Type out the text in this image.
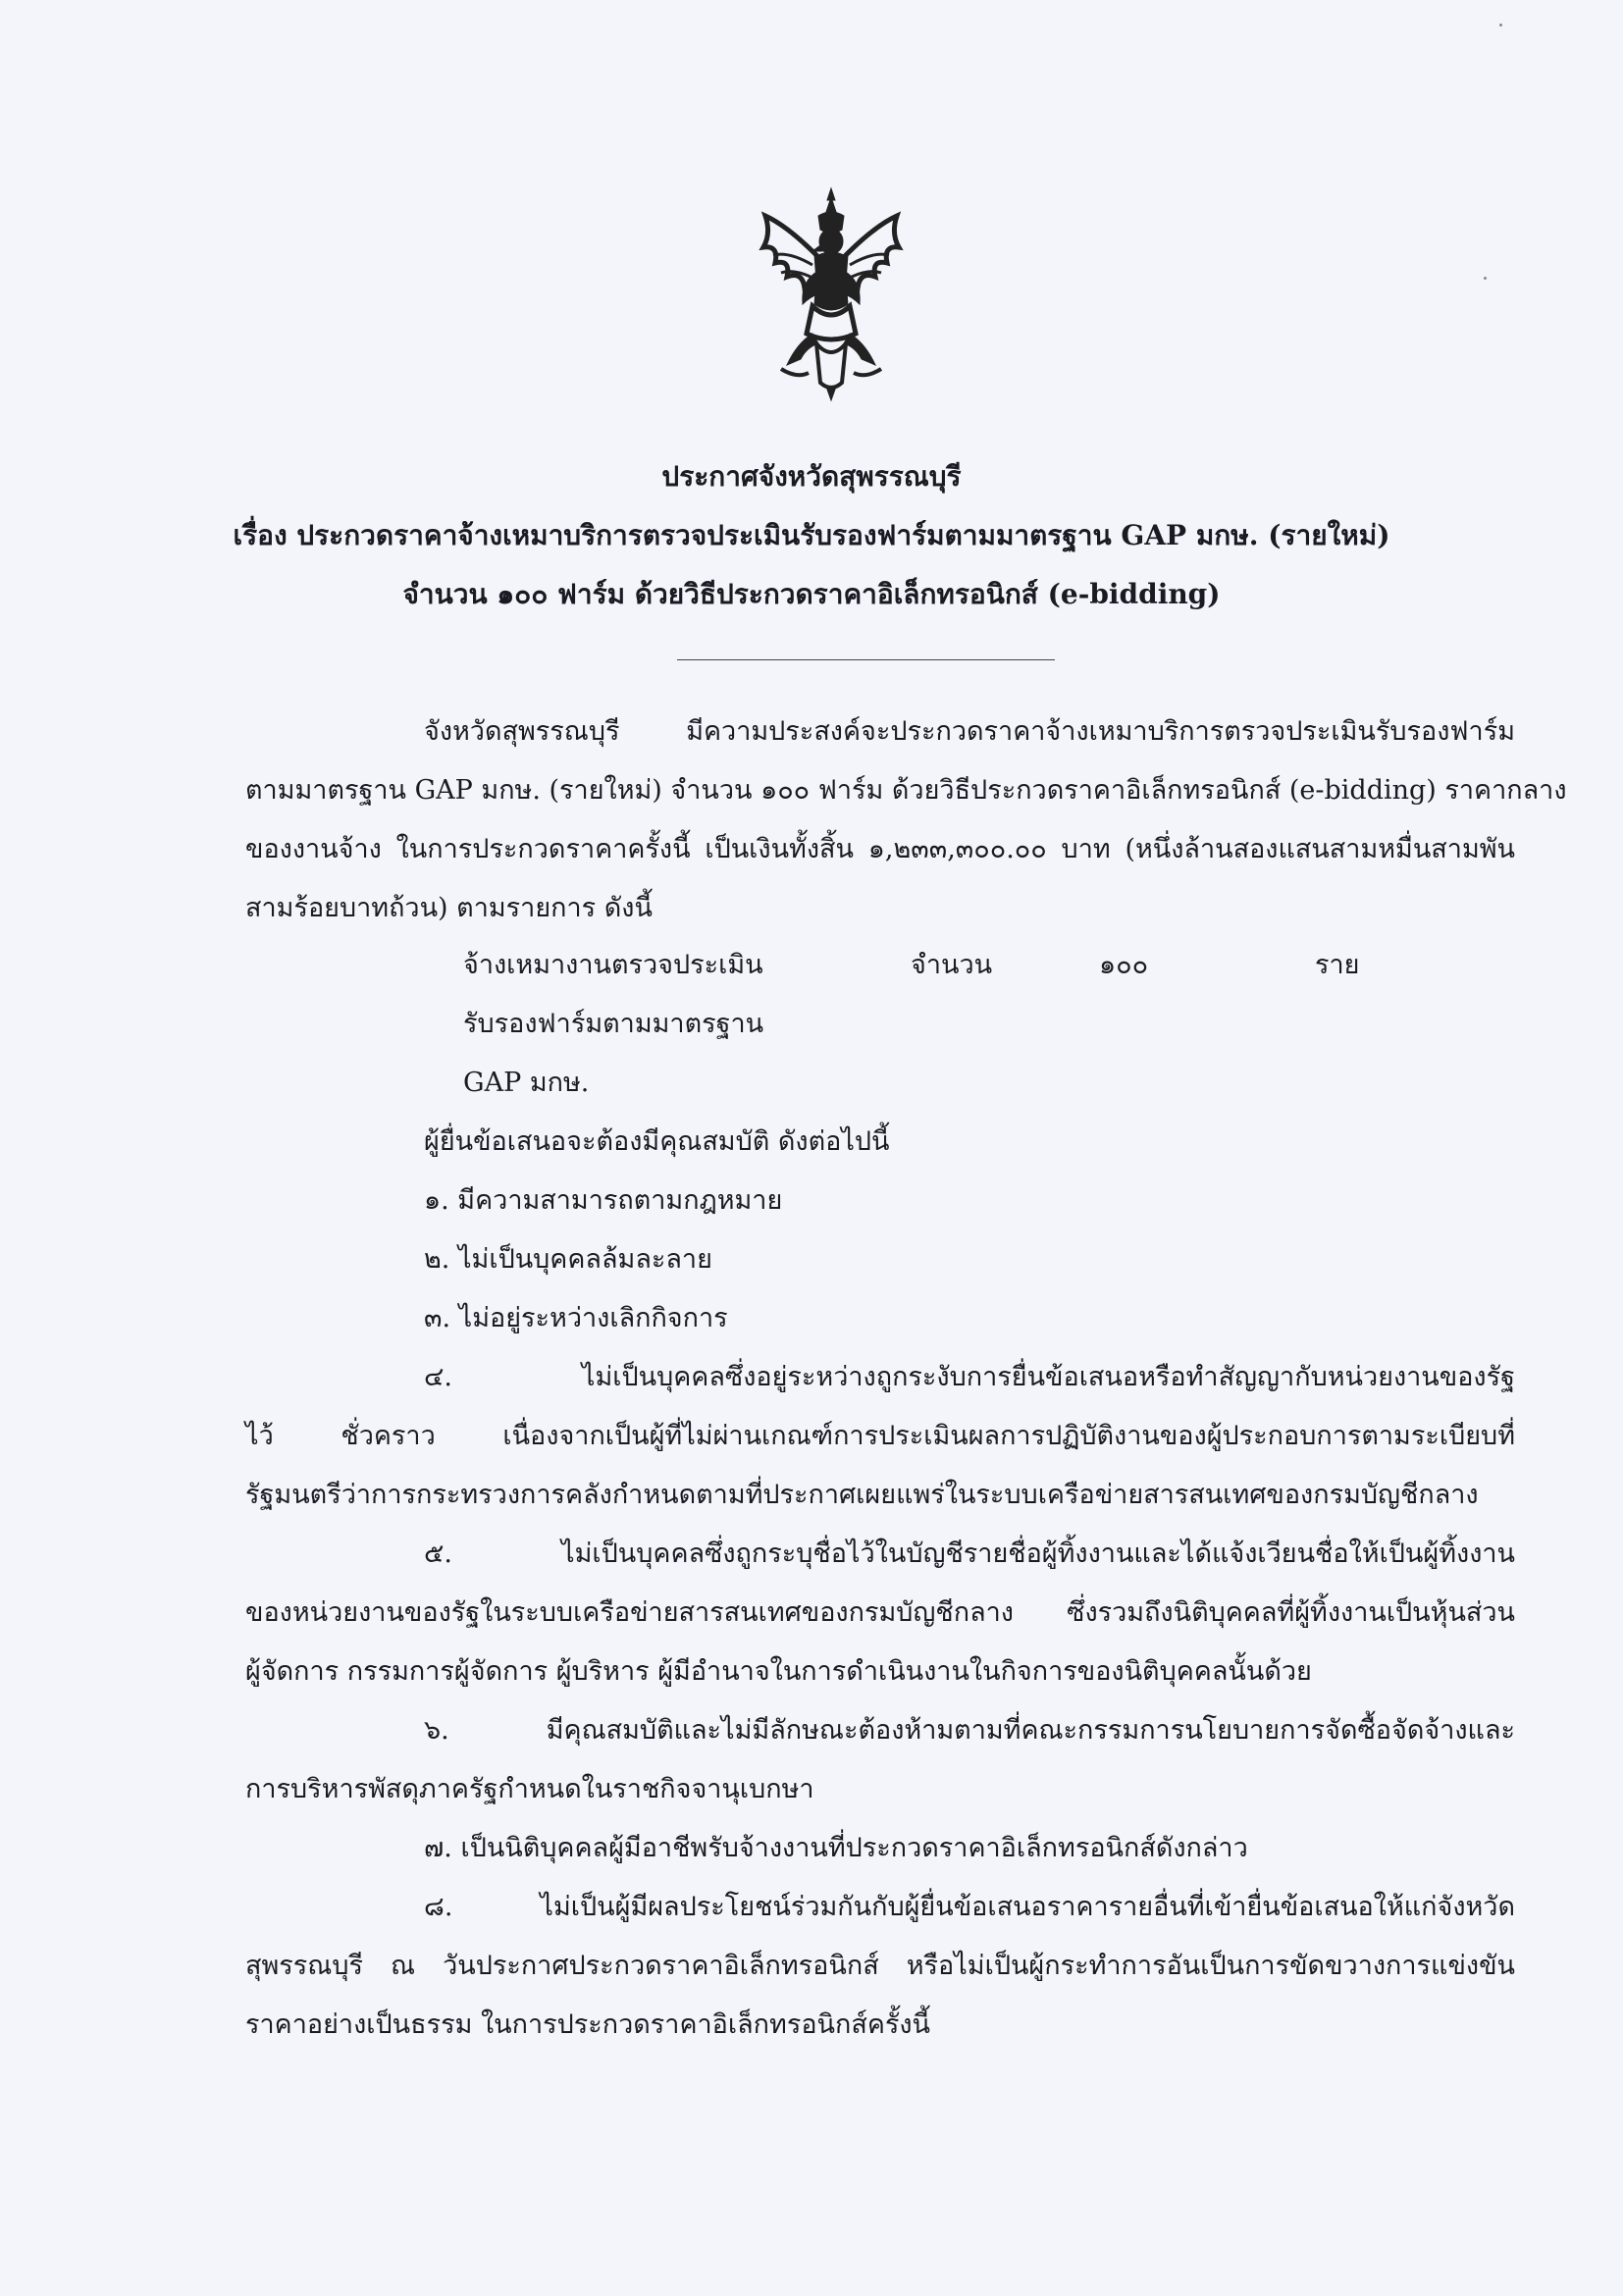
ประกาศจังหวัดสุพรรณบุรี
เรื่อง ประกวดราคาจ้างเหมาบริการตรวจประเมินรับรองฟาร์มตามมาตรฐาน GAP มกษ. (รายใหม่)
จำนวน ๑๐๐ ฟาร์ม ด้วยวิธีประกวดราคาอิเล็กทรอนิกส์ (e-bidding)

จังหวัดสุพรรณบุรี มีความประสงค์จะประกวดราคาจ้างเหมาบริการตรวจประเมินรับรองฟาร์ม

ตามมาตรฐาน GAP มกษ. (รายใหม่) จำนวน ๑๐๐ ฟาร์ม ด้วยวิธีประกวดราคาอิเล็กทรอนิกส์ (e-bidding) ราคากลาง

ของงานจ้าง ในการประกวดราคาครั้งนี้ เป็นเงินทั้งสิ้น ๑,๒๓๓,๓๐๐.๐๐ บาท (หนึ่งล้านสองแสนสามหมื่นสามพัน

สามร้อยบาทถ้วน) ตามรายการ ดังนี้

จ้างเหมางานตรวจประเมิน	จำนวน	๑๐๐	ราย

รับรองฟาร์มตามมาตรฐาน

GAP มกษ.

ผู้ยื่นข้อเสนอจะต้องมีคุณสมบัติ ดังต่อไปนี้

๑. มีความสามารถตามกฎหมาย

๒. ไม่เป็นบุคคลล้มละลาย

๓. ไม่อยู่ระหว่างเลิกกิจการ

๔. ไม่เป็นบุคคลซึ่งอยู่ระหว่างถูกระงับการยื่นข้อเสนอหรือทำสัญญากับหน่วยงานของรัฐ

ไว้ ชั่วคราว เนื่องจากเป็นผู้ที่ไม่ผ่านเกณฑ์การประเมินผลการปฏิบัติงานของผู้ประกอบการตามระเบียบที่

รัฐมนตรีว่าการกระทรวงการคลังกำหนดตามที่ประกาศเผยแพร่ในระบบเครือข่ายสารสนเทศของกรมบัญชีกลาง

๕. ไม่เป็นบุคคลซึ่งถูกระบุชื่อไว้ในบัญชีรายชื่อผู้ทิ้งงานและได้แจ้งเวียนชื่อให้เป็นผู้ทิ้งงาน

ของหน่วยงานของรัฐในระบบเครือข่ายสารสนเทศของกรมบัญชีกลาง ซึ่งรวมถึงนิติบุคคลที่ผู้ทิ้งงานเป็นหุ้นส่วน

ผู้จัดการ กรรมการผู้จัดการ ผู้บริหาร ผู้มีอำนาจในการดำเนินงานในกิจการของนิติบุคคลนั้นด้วย

๖. มีคุณสมบัติและไม่มีลักษณะต้องห้ามตามที่คณะกรรมการนโยบายการจัดซื้อจัดจ้างและ

การบริหารพัสดุภาครัฐกำหนดในราชกิจจานุเบกษา

๗. เป็นนิติบุคคลผู้มีอาชีพรับจ้างงานที่ประกวดราคาอิเล็กทรอนิกส์ดังกล่าว

๘. ไม่เป็นผู้มีผลประโยชน์ร่วมกันกับผู้ยื่นข้อเสนอราคารายอื่นที่เข้ายื่นข้อเสนอให้แก่จังหวัด

สุพรรณบุรี ณ วันประกาศประกวดราคาอิเล็กทรอนิกส์ หรือไม่เป็นผู้กระทำการอันเป็นการขัดขวางการแข่งขัน

ราคาอย่างเป็นธรรม ในการประกวดราคาอิเล็กทรอนิกส์ครั้งนี้
